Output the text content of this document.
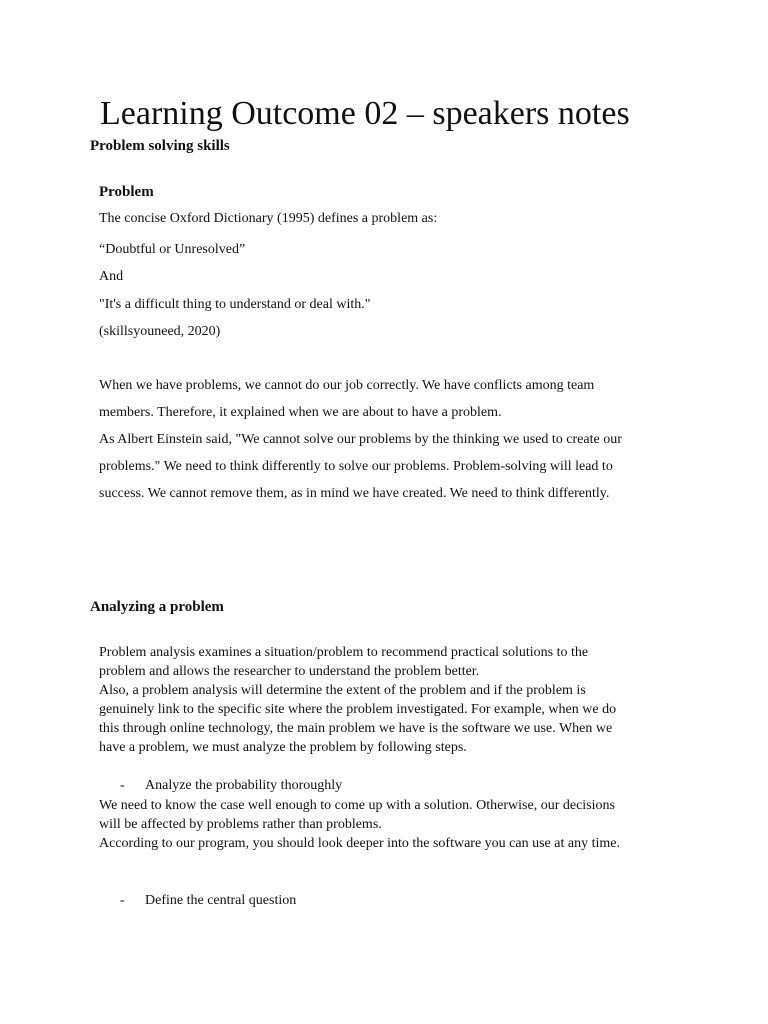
Learning Outcome 02 – speakers notes
Problem solving skills
Problem

The concise Oxford Dictionary (1995) defines a problem as:

“Doubtful or Unresolved”

And

"It's a difficult thing to understand or deal with."

(skillsyouneed, 2020)

When we have problems, we cannot do our job correctly. We have conflicts among team members. Therefore, it explained when we are about to have a problem.

As Albert Einstein said, "We cannot solve our problems by the thinking we used to create our problems." We need to think differently to solve our problems. Problem-solving will lead to success. We cannot remove them, as in mind we have created. We need to think differently.

Analyzing a problem

Problem analysis examines a situation/problem to recommend practical solutions to the problem and allows the researcher to understand the problem better.

Also, a problem analysis will determine the extent of the problem and if the problem is genuinely link to the specific site where the problem investigated. For example, when we do this through online technology, the main problem we have is the software we use. When we have a problem, we must analyze the problem by following steps.

- Analyze the probability thoroughly

We need to know the case well enough to come up with a solution. Otherwise, our decisions will be affected by problems rather than problems.

According to our program, you should look deeper into the software you can use at any time.

- Define the central question
